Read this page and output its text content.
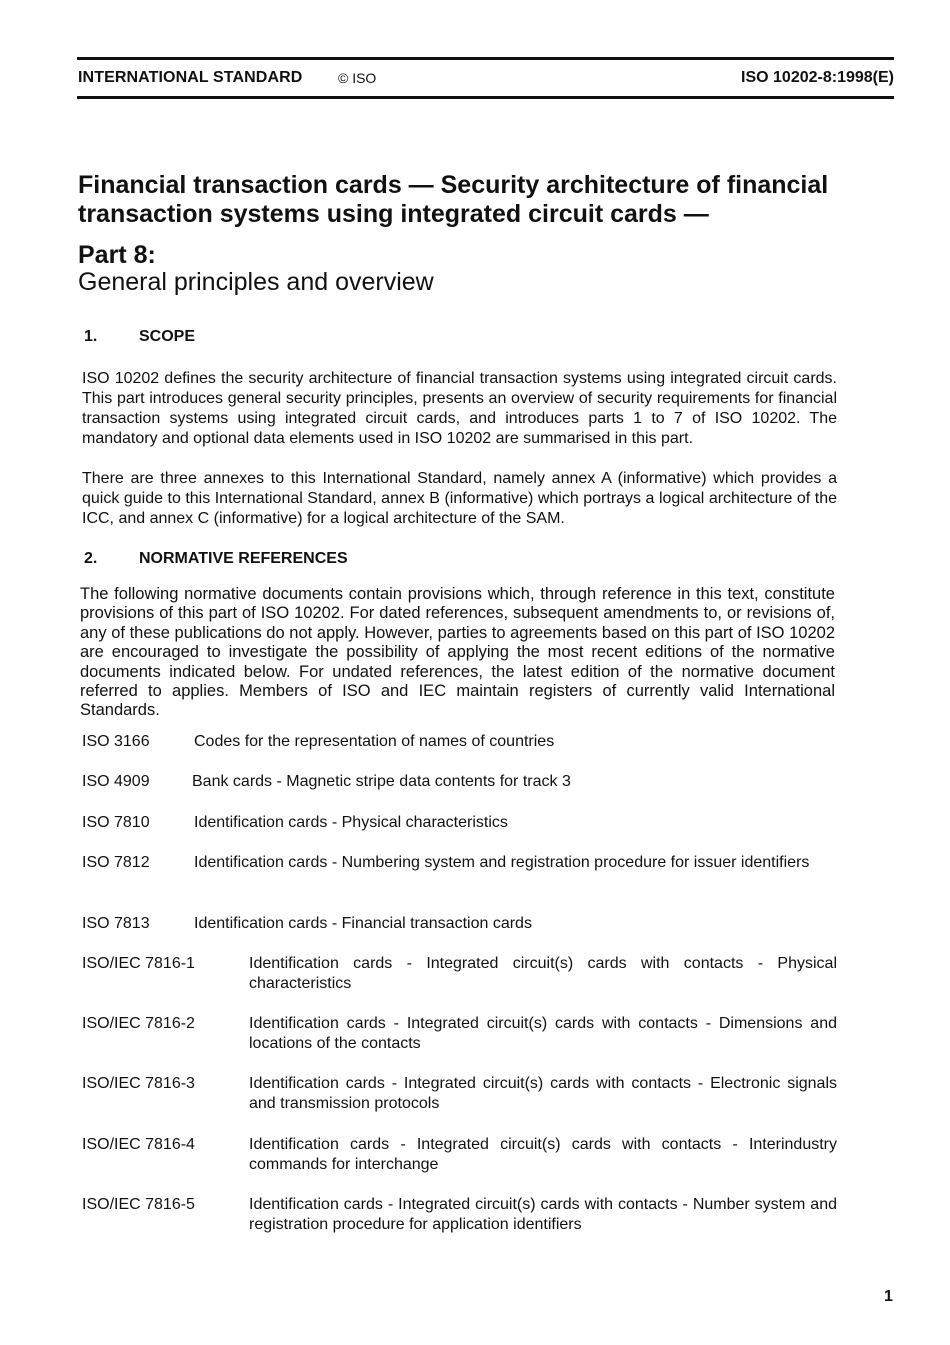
INTERNATIONAL STANDARD	© ISO	ISO 10202-8:1998(E)
Financial transaction cards — Security architecture of financial transaction systems using integrated circuit cards —
Part 8:
General principles and overview
1.	SCOPE
ISO 10202 defines the security architecture of financial transaction systems using integrated circuit cards. This part introduces general security principles, presents an overview of security requirements for financial transaction systems using integrated circuit cards, and introduces parts 1 to 7 of ISO 10202. The mandatory and optional data elements used in ISO 10202 are summarised in this part.
There are three annexes to this International Standard, namely annex A (informative) which provides a quick guide to this International Standard, annex B (informative) which portrays a logical architecture of the ICC, and annex C (informative) for a logical architecture of the SAM.
2.	NORMATIVE REFERENCES
The following normative documents contain provisions which, through reference in this text, constitute provisions of this part of ISO 10202. For dated references, subsequent amendments to, or revisions of, any of these publications do not apply. However, parties to agreements based on this part of ISO 10202 are encouraged to investigate the possibility of applying the most recent editions of the normative documents indicated below. For undated references, the latest edition of the normative document referred to applies. Members of ISO and IEC maintain registers of currently valid International Standards.
ISO 3166	Codes for the representation of names of countries
ISO 4909	Bank cards - Magnetic stripe data contents for track 3
ISO 7810	Identification cards - Physical characteristics
ISO 7812	Identification cards - Numbering system and registration procedure for issuer identifiers
ISO 7813	Identification cards - Financial transaction cards
ISO/IEC 7816-1	Identification cards - Integrated circuit(s) cards with contacts - Physical characteristics
ISO/IEC 7816-2	Identification cards - Integrated circuit(s) cards with contacts - Dimensions and locations of the contacts
ISO/IEC 7816-3	Identification cards - Integrated circuit(s) cards with contacts - Electronic signals and transmission protocols
ISO/IEC 7816-4	Identification cards - Integrated circuit(s) cards with contacts - Interindustry commands for interchange
ISO/IEC 7816-5	Identification cards - Integrated circuit(s) cards with contacts - Number system and registration procedure for application identifiers
1
